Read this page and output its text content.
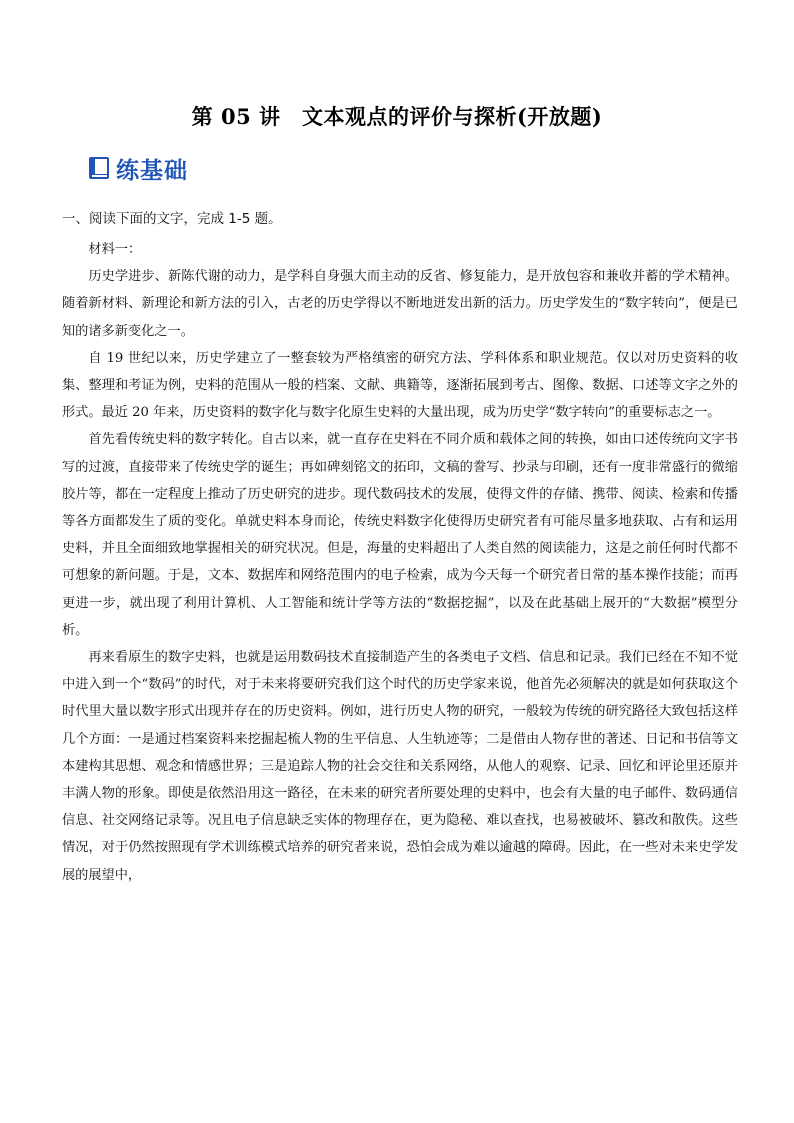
第 05 讲　文本观点的评价与探析(开放题)
练基础
一、阅读下面的文字，完成 1-5 题。

材料一：

历史学进步、新陈代谢的动力，是学科自身强大而主动的反省、修复能力，是开放包容和兼收并蓄的学术精神。随着新材料、新理论和新方法的引入，古老的历史学得以不断地迸发出新的活力。历史学发生的“数字转向”，便是已知的诸多新变化之一。

自 19 世纪以来，历史学建立了一整套较为严格缜密的研究方法、学科体系和职业规范。仅以对历史资料的收集、整理和考证为例，史料的范围从一般的档案、文献、典籍等，逐渐拓展到考古、图像、数据、口述等文字之外的形式。最近 20 年来，历史资料的数字化与数字化原生史料的大量出现，成为历史学“数字转向”的重要标志之一。

首先看传统史料的数字转化。自古以来，就一直存在史料在不同介质和载体之间的转换，如由口述传统向文字书写的过渡，直接带来了传统史学的诞生；再如碑刻铭文的拓印，文稿的誊写、抄录与印刷，还有一度非常盛行的微缩胶片等，都在一定程度上推动了历史研究的进步。现代数码技术的发展，使得文件的存储、携带、阅读、检索和传播等各方面都发生了质的变化。单就史料本身而论，传统史料数字化使得历史研究者有可能尽量多地获取、占有和运用史料，并且全面细致地掌握相关的研究状况。但是，海量的史料超出了人类自然的阅读能力，这是之前任何时代都不可想象的新问题。于是，文本、数据库和网络范围内的电子检索，成为今天每一个研究者日常的基本操作技能；而再更进一步，就出现了利用计算机、人工智能和统计学等方法的“数据挖掘”，以及在此基础上展开的“大数据”模型分析。

再来看原生的数字史料，也就是运用数码技术直接制造产生的各类电子文档、信息和记录。我们已经在不知不觉中进入到一个“数码”的时代，对于未来将要研究我们这个时代的历史学家来说，他首先必须解决的就是如何获取这个时代里大量以数字形式出现并存在的历史资料。例如，进行历史人物的研究，一般较为传统的研究路径大致包括这样几个方面：一是通过档案资料来挖掘起梳人物的生平信息、人生轨迹等；二是借由人物存世的著述、日记和书信等文本建构其思想、观念和情感世界；三是追踪人物的社会交往和关系网络，从他人的观察、记录、回忆和评论里还原并丰满人物的形象。即使是依然沿用这一路径，在未来的研究者所要处理的史料中，也会有大量的电子邮件、数码通信信息、社交网络记录等。况且电子信息缺乏实体的物理存在，更为隐秘、难以查找，也易被破坏、篡改和散佚。这些情况，对于仍然按照现有学术训练模式培养的研究者来说，恐怕会成为难以逾越的障碍。因此，在一些对未来史学发展的展望中，
